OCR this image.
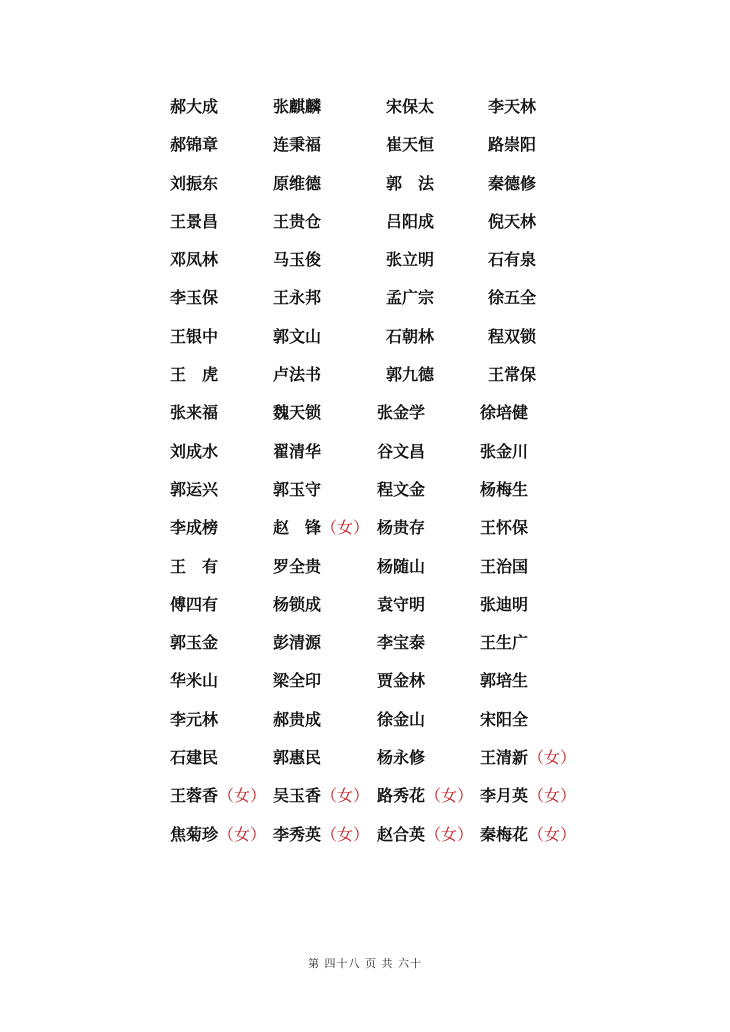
郝大成	张麒麟	宋保太	李天林
郝锦章	连秉福	崔天恒	路崇阳
刘振东	原维德	郭　法	秦德修
王景昌	王贵仓	吕阳成	倪天林
邓凤林	马玉俊	张立明	石有泉
李玉保	王永邦	孟广宗	徐五全
王银中	郭文山	石朝林	程双锁
王　虎	卢法书	郭九德	王常保
张来福	魏天锁	张金学	徐培健
刘成水	翟清华	谷文昌	张金川
郭运兴	郭玉守	程文金	杨梅生
李成榜	赵　锋（女） 杨贵存	王怀保
王　有	罗全贵	杨随山	王治国
傅四有	杨锁成	袁守明	张迪明
郭玉金	彭清源	李宝泰	王生广
华米山	梁全印	贾金林	郭培生
李元林	郝贵成	徐金山	宋阳全
石建民	郭惠民	杨永修	王清新（女）
王蓉香（女） 吴玉香（女） 路秀花（女） 李月英（女）
焦菊珍（女） 李秀英（女） 赵合英（女） 秦梅花（女）
第 四十八 页 共 六十
